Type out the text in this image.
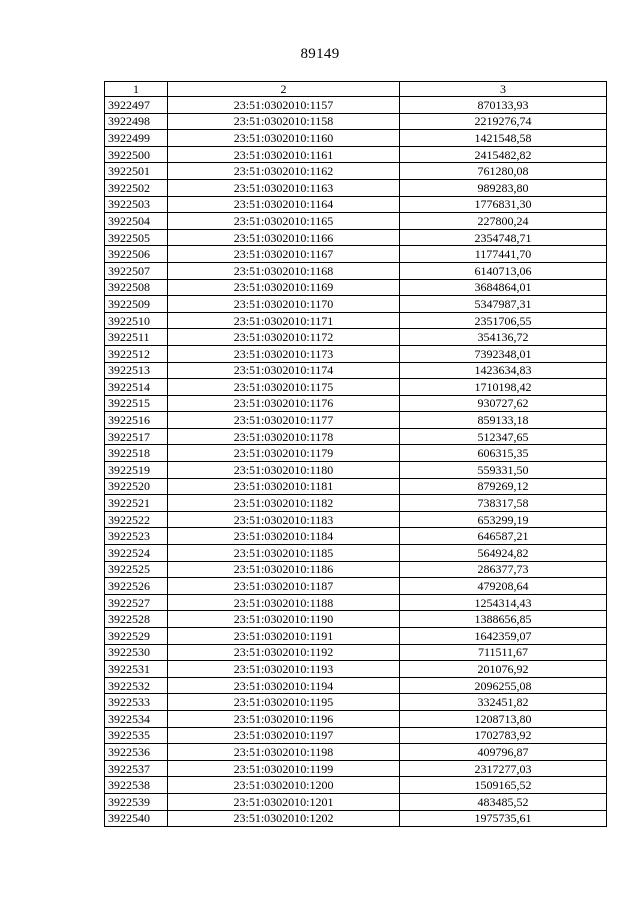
89149
1	2	3
3922497	23:51:0302010:1157	870133,93
3922498	23:51:0302010:1158	2219276,74
3922499	23:51:0302010:1160	1421548,58
3922500	23:51:0302010:1161	2415482,82
3922501	23:51:0302010:1162	761280,08
3922502	23:51:0302010:1163	989283,80
3922503	23:51:0302010:1164	1776831,30
3922504	23:51:0302010:1165	227800,24
3922505	23:51:0302010:1166	2354748,71
3922506	23:51:0302010:1167	1177441,70
3922507	23:51:0302010:1168	6140713,06
3922508	23:51:0302010:1169	3684864,01
3922509	23:51:0302010:1170	5347987,31
3922510	23:51:0302010:1171	2351706,55
3922511	23:51:0302010:1172	354136,72
3922512	23:51:0302010:1173	7392348,01
3922513	23:51:0302010:1174	1423634,83
3922514	23:51:0302010:1175	1710198,42
3922515	23:51:0302010:1176	930727,62
3922516	23:51:0302010:1177	859133,18
3922517	23:51:0302010:1178	512347,65
3922518	23:51:0302010:1179	606315,35
3922519	23:51:0302010:1180	559331,50
3922520	23:51:0302010:1181	879269,12
3922521	23:51:0302010:1182	738317,58
3922522	23:51:0302010:1183	653299,19
3922523	23:51:0302010:1184	646587,21
3922524	23:51:0302010:1185	564924,82
3922525	23:51:0302010:1186	286377,73
3922526	23:51:0302010:1187	479208,64
3922527	23:51:0302010:1188	1254314,43
3922528	23:51:0302010:1190	1388656,85
3922529	23:51:0302010:1191	1642359,07
3922530	23:51:0302010:1192	711511,67
3922531	23:51:0302010:1193	201076,92
3922532	23:51:0302010:1194	2096255,08
3922533	23:51:0302010:1195	332451,82
3922534	23:51:0302010:1196	1208713,80
3922535	23:51:0302010:1197	1702783,92
3922536	23:51:0302010:1198	409796,87
3922537	23:51:0302010:1199	2317277,03
3922538	23:51:0302010:1200	1509165,52
3922539	23:51:0302010:1201	483485,52
3922540	23:51:0302010:1202	1975735,61
